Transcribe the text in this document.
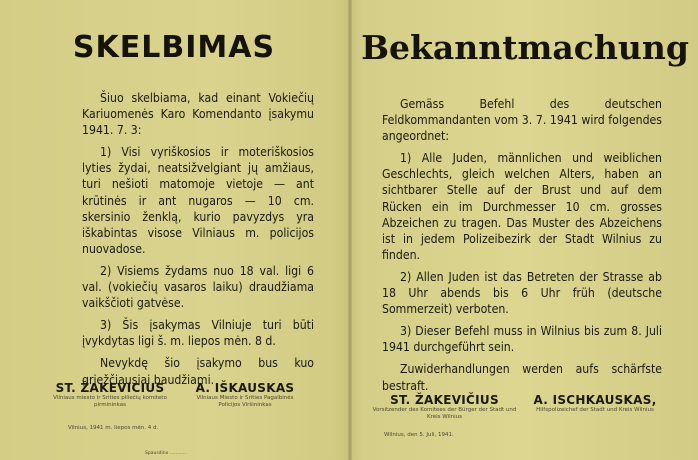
SKELBIMAS

Šiuo skelbiama, kad einant Vokiečių Kariuomenės Karo Komendanto įsakymu 1941. 7. 3:

1) Visi vyriškosios ir moteriškosios lyties žydai, neatsižvelgiant jų amžiaus, turi nešioti matomoje vietoje — ant krūtinės ir ant nugaros — 10 cm. skersinio ženklą, kurio pavyzdys yra iškabintas visose Vilniaus m. policijos nuovadose.

2) Visiems žydams nuo 18 val. ligi 6 val. (vokiečių vasaros laiku) draudžiama vaikščioti gatvėse.

3) Šis įsakymas Vilniuje turi būti įvykdytas ligi š. m. liepos mėn. 8 d.

Nevykdę šio įsakymo bus kuo griežčiausiai baudžiami.

ST. ŽAKEVICIUS
Vilniaus miesto ir Srities piliečių komiteto pirmininkas
A. IŠKAUSKAS
Vilniaus Miesto ir Srities Pagalbinės Policijos Viršininkas
Vilnius, 1941 m. liepos mėn. 4 d.
Spausdino ............
Bekanntmachung

Gemäss Befehl des deutschen Feldkommandanten vom 3. 7. 1941 wird folgendes angeordnet:

1) Alle Juden, männlichen und weiblichen Geschlechts, gleich welchen Alters, haben an sichtbarer Stelle auf der Brust und auf dem Rücken ein im Durchmesser 10 cm. grosses Abzeichen zu tragen. Das Muster des Abzeichens ist in jedem Polizeibezirk der Stadt Wilnius zu finden.

2) Allen Juden ist das Betreten der Strasse ab 18 Uhr abends bis 6 Uhr früh (deutsche Sommerzeit) verboten.

3) Dieser Befehl muss in Wilnius bis zum 8. Juli 1941 durchgeführt sein.

Zuwiderhandlungen werden aufs schärfste bestraft.

ST. ŽAKEVIČIUS
Vorsitzender des Komitees der Bürger der Stadt und Kreis Wilnius
A. ISCHKAUSKAS,
Hilfspolizeichef der Stadt und Kreis Wilnius
Wilnius, den 5. Juli, 1941.
